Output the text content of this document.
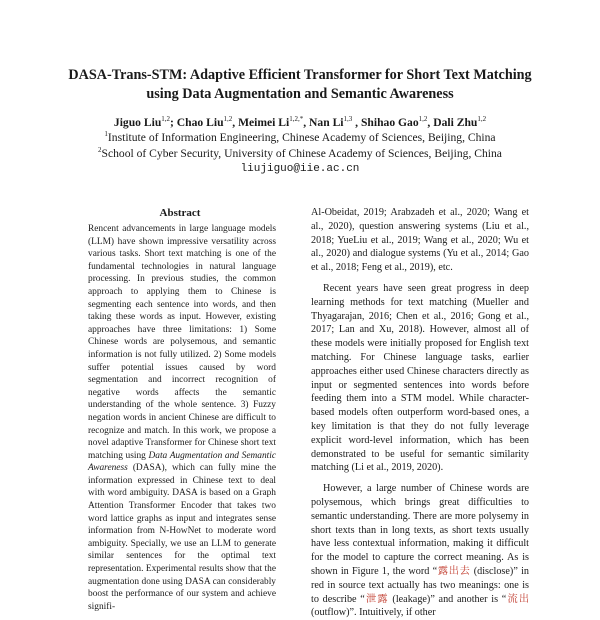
DASA-Trans-STM: Adaptive Efficient Transformer for Short Text Matching using Data Augmentation and Semantic Awareness
Jiguo Liu$^{1,2}$; Chao Liu$^{1,2}$, Meimei $Li^{1,2,*}$, Nan Li$^{1,3}$ , Shihao Gao$^{1,2}$, Dali Zhu$^{1,2}$
$^1$Institute of Information Engineering, Chinese Academy of Sciences, Beijing, China
$^2$School of Cyber Security, University of Chinese Academy of Sciences, Beijing, China
liujiguo@iie.ac.cn
Abstract

Rencent advancements in large language models (LLM) have shown impressive versatility across various tasks. Short text matching is one of the fundamental technologies in natural language processing. In previous studies, the common approach to applying them to Chinese is segmenting each sentence into words, and then taking these words as input. However, existing approaches have three limitations: 1) Some Chinese words are polysemous, and semantic information is not fully utilized. 2) Some models suffer potential issues caused by word segmentation and incorrect recognition of negative words affects the semantic understanding of the whole sentence. 3) Fuzzy negation words in ancient Chinese are difficult to recognize and match. In this work, we propose a novel adaptive Transformer for Chinese short text matching using Data Augmentation and Semantic Awareness (DASA), which can fully mine the information expressed in Chinese text to deal with word ambiguity. DASA is based on a Graph Attention Transformer Encoder that takes two word lattice graphs as input and integrates sense information from N-HowNet to moderate word ambiguity. Specially, we use an LLM to generate similar sentences for the optimal text representation. Experimental results show that the augmentation done using DASA can considerably boost the performance of our system and achieve signifi-

Al-Obeidat, 2019; Arabzadeh et al., 2020; Wang et al., 2020), question answering systems (Liu et al., 2018; YueLiu et al., 2019; Wang et al., 2020; Wu et al., 2020) and dialogue systems (Yu et al., 2014; Gao et al., 2018; Feng et al., 2019), etc.

Recent years have seen great progress in deep learning methods for text matching (Mueller and Thyagarajan, 2016; Chen et al., 2016; Gong et al., 2017; Lan and Xu, 2018). However, almost all of these models were initially proposed for English text matching. For Chinese language tasks, earlier approaches either used Chinese characters directly as input or segmented sentences into words before feeding them into a STM model. While character-based models often outperform word-based ones, a key limitation is that they do not fully leverage explicit word-level information, which has been demonstrated to be useful for semantic similarity matching (Li et al., 2019, 2020).

However, a large number of Chinese words are polysemous, which brings great difficulties to semantic understanding. There are more polysemy in short texts than in long texts, as short texts usually have less contextual information, making it difficult for the model to capture the correct meaning. As is shown in Figure 1, the word “露出去 (disclose)” in red in source text actually has two meanings: one is to describe “泄露 (leakage)” and another is “流出 (outflow)”. Intuitively, if other
